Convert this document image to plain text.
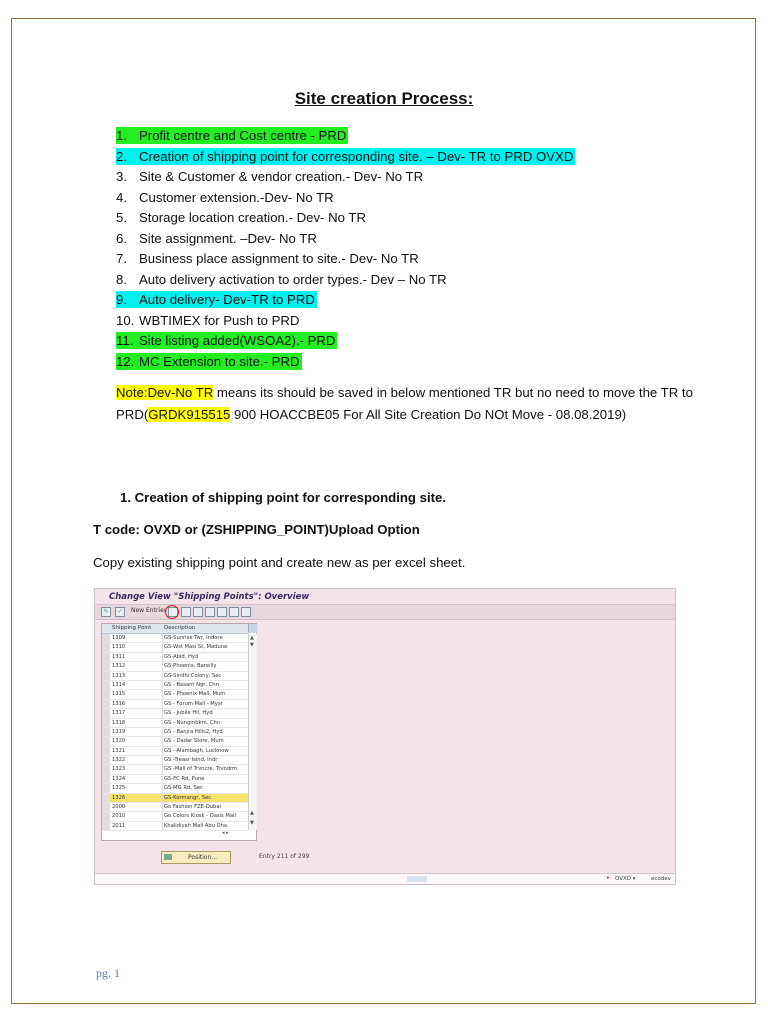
Site creation Process:
1. Profit centre and Cost centre - PRD
2. Creation of shipping point for corresponding site. – Dev- TR to PRD OVXD
3. Site & Customer & vendor creation.- Dev- No TR
4. Customer extension.-Dev- No TR
5. Storage location creation.- Dev- No TR
6. Site assignment. –Dev- No TR
7. Business place assignment to site.- Dev- No TR
8. Auto delivery activation to order types.- Dev – No TR
9. Auto delivery- Dev-TR to PRD
10. WBTIMEX for Push to PRD
11. Site listing added(WSOA2).- PRD
12. MC Extension to site.- PRD
Note:Dev-No TR means its should be saved in below mentioned TR but no need to move the TR to PRD(GRDK915515 900 HOACCBE05 For All Site Creation Do NOt Move - 08.08.2019)
1. Creation of shipping point for corresponding site.
T code: OVXD or (ZSHIPPING_POINT)Upload Option
Copy existing shipping point and create new as per excel sheet.
Change View "Shipping Points": Overview
✎	✓	New Entries
Shipping Point Description
1309	GS-Sunrise Twr, Indore
1310	GS-Wst Masi St, Madurai
1311	GS-Abid, Hyd
1312	GS-Phoenix, Bareilly
1313	GS-Sindhi Colony, Sec
1314	GS - Basant Ngr, Chn
1315	GS - Phoenix Mall, Mum
1316	GS - Forum Mall - Mysr
1317	GS - Jubile Hil, Hyd
1318	GS - Nungmbkm, Chn
1319	GS - Banjra Hills2, Hyd
1320	GS - Dadar Store, Mum
1321	GS - Alambagh, Lucknow
1322	GS -Treasr Islnd, Indr
1323	GS -Mall of Trvncre, Trvndrm
1324	GS-FC Rd, Pune
1325	GS-MG Rd, Sec
1326	GS-Kormangr, Sec
2000	Go Fashion FZE-Dubai
2010	Go Colors Kiosk - Oasis Mall
2011	Khalidiyah Mall Abu Dha
▲
▼
▲
▼
◂ ▸
Position...	Entry 211 of 299
▸ OVXD ▾	ecodev
pg. 1
